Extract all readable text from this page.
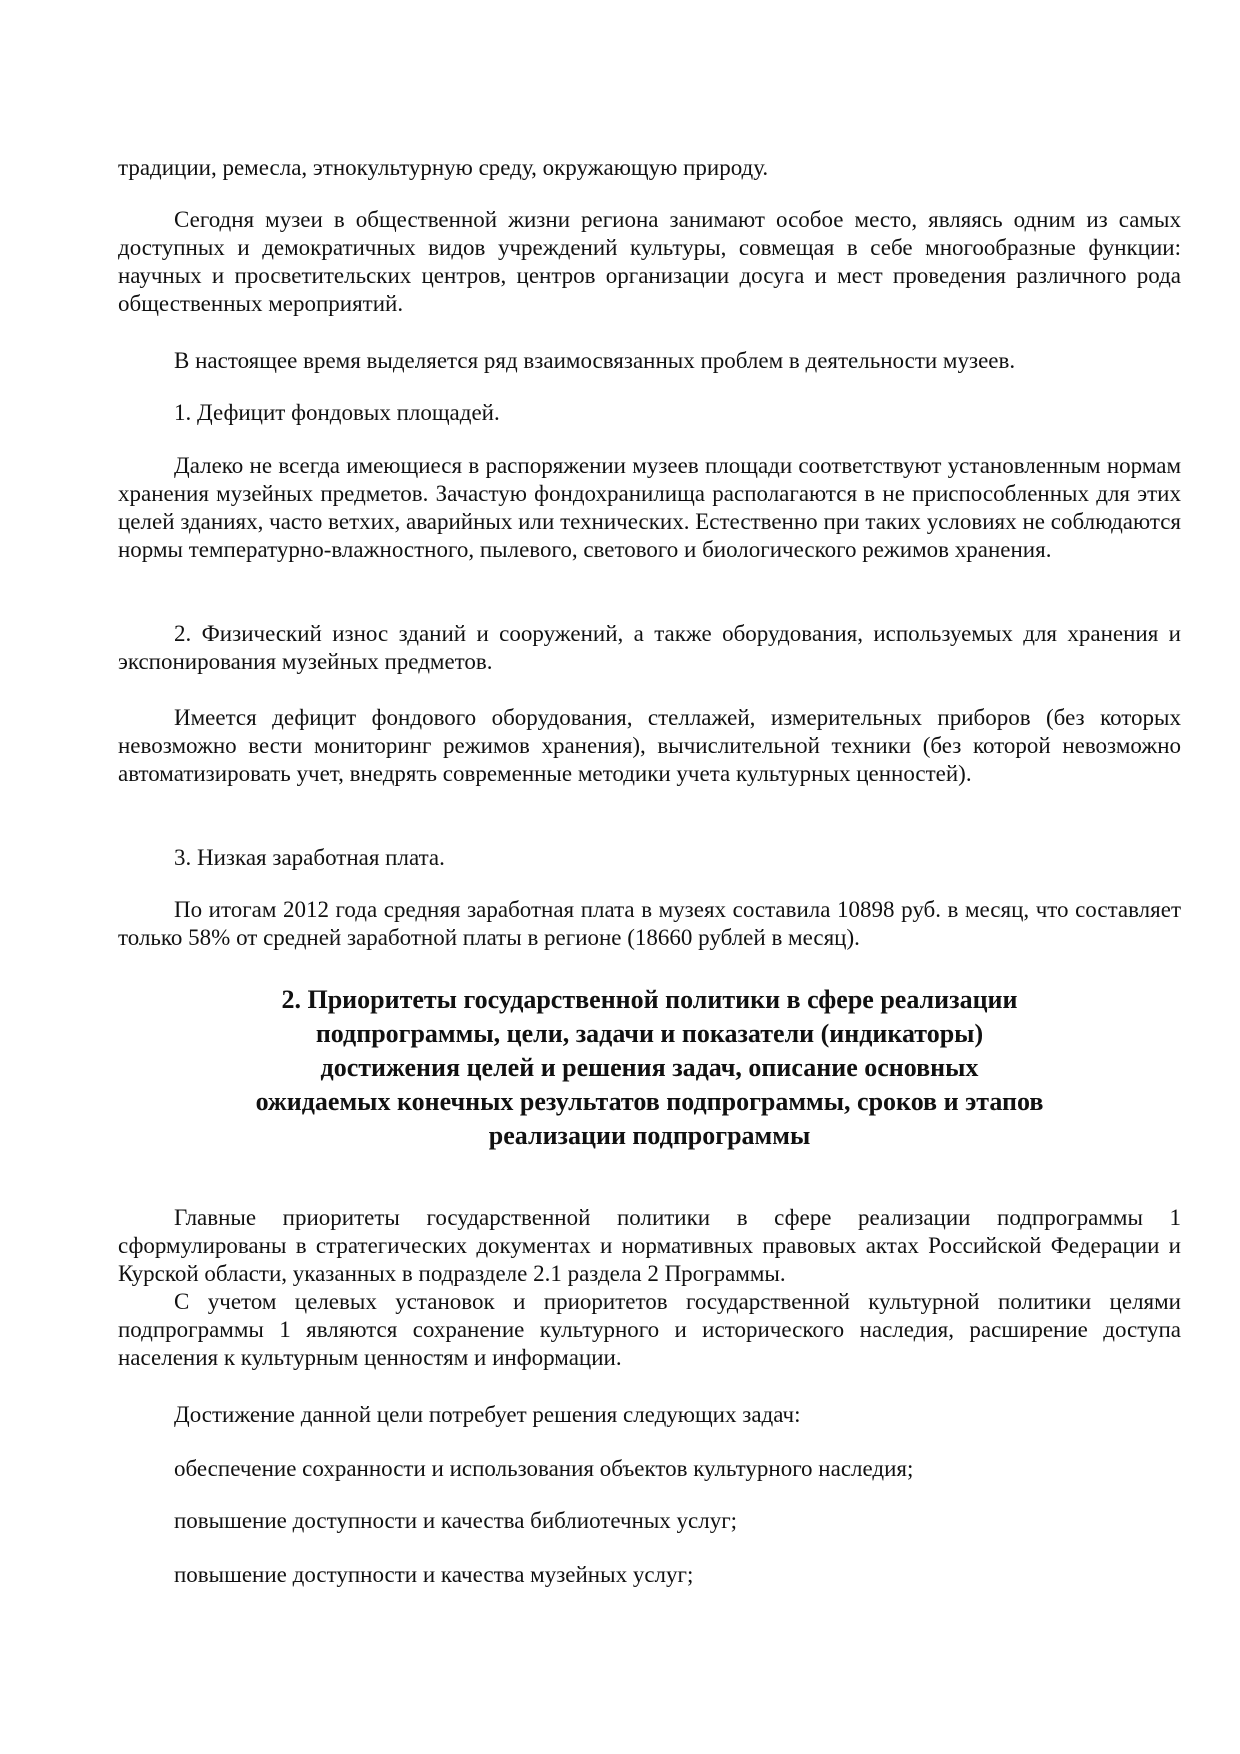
традиции, ремесла, этнокультурную среду, окружающую природу.

Сегодня музеи в общественной жизни региона занимают особое место, являясь одним из самых доступных и демократичных видов учреждений культуры, совмещая в себе многообразные функции: научных и просветительских центров, центров организации досуга и мест проведения различного рода общественных мероприятий.

В настоящее время выделяется ряд взаимосвязанных проблем в деятельности музеев.

1. Дефицит фондовых площадей.

Далеко не всегда имеющиеся в распоряжении музеев площади соответствуют установленным нормам хранения музейных предметов. Зачастую фондохранилища располагаются в не приспособленных для этих целей зданиях, часто ветхих, аварийных или технических. Естественно при таких условиях не соблюдаются нормы температурно-влажностного, пылевого, светового и биологического режимов хранения.

2. Физический износ зданий и сооружений, а также оборудования, используемых для хранения и экспонирования музейных предметов.

Имеется дефицит фондового оборудования, стеллажей, измерительных приборов (без которых невозможно вести мониторинг режимов хранения), вычислительной техники (без которой невозможно автоматизировать учет, внедрять современные методики учета культурных ценностей).

3. Низкая заработная плата.

По итогам 2012 года средняя заработная плата в музеях составила 10898 руб. в месяц, что составляет только 58% от средней заработной платы в регионе (18660 рублей в месяц).

2. Приоритеты государственной политики в сфере реализации
подпрограммы, цели, задачи и показатели (индикаторы)
достижения целей и решения задач, описание основных
ожидаемых конечных результатов подпрограммы, сроков и этапов
реализации подпрограммы

Главные приоритеты государственной политики в сфере реализации подпрограммы 1 сформулированы в стратегических документах и нормативных правовых актах Российской Федерации и Курской области, указанных в подразделе 2.1 раздела 2 Программы.

С учетом целевых установок и приоритетов государственной культурной политики целями подпрограммы 1 являются сохранение культурного и исторического наследия, расширение доступа населения к культурным ценностям и информации.

Достижение данной цели потребует решения следующих задач:

обеспечение сохранности и использования объектов культурного наследия;

повышение доступности и качества библиотечных услуг;

повышение доступности и качества музейных услуг;
